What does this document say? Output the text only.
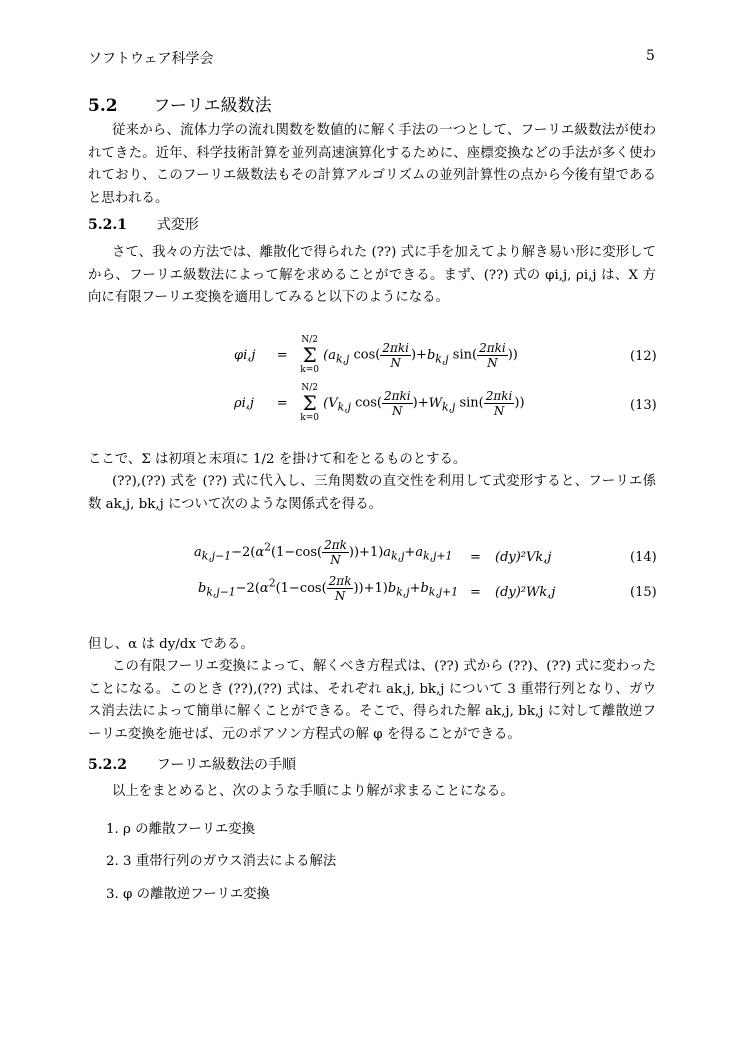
ソフトウェア科学会	5
5.2 フーリエ級数法
従来から、流体力学の流れ関数を数値的に解く手法の一つとして、フーリエ級数法が使われてきた。近年、科学技術計算を並列高速演算化するために、座標変換などの手法が多く使われており、このフーリエ級数法もその計算アルゴリズムの並列計算性の点から今後有望であると思われる。
5.2.1 式変形
さて、我々の方法では、離散化で得られた (??) 式に手を加えてより解き易い形に変形してから、フーリエ級数法によって解を求めることができる。まず、(??) 式の φi,j, ρi,j は、X 方向に有限フーリエ変換を適用してみると以下のようになる。
φi,j = N/2
Σ
k=0 ($a_{k,j}$ $\cos( \frac{\text{2πki}}{N} )+b_{k,j}$ $\sin( \frac{\text{2πki}}{N}$ ))	(12)
ρi,j = N/2
Σ
k=0 ($V_{k,j}$ $\cos( \frac{\text{2πki}}{N} )+W_{k,j}$ $\sin( \frac{\text{2πki}}{N}$ ))	(13)
ここで、Σ は初項と末項に 1/2 を掛けて和をとるものとする。
(??),(??) 式を (??) 式に代入し、三角関数の直交性を利用して式変形すると、フーリエ係数 ak,j, bk,j について次のような関係式を得る。
$a_{k,j-1}-2(\alpha^2(1-\cos( \frac{2\pi k}{N} ))+1)a_{k,j}+a_{k,j+1} = (dy)^2Vk,j$	(14)
$b_{k,j-1}-2(\alpha^2(1-\cos( \frac{2\pi k}{N} ))+1)b_{k,j}+b_{k,j+1} = (dy)^2Wk,j$	(15)
但し、α は dy/dx である。
この有限フーリエ変換によって、解くべき方程式は、(??) 式から (??)、(??) 式に変わったことになる。このとき (??),(??) 式は、それぞれ ak,j, bk,j について 3 重帯行列となり、ガウス消去法によって簡単に解くことができる。そこで、得られた解 ak,j, bk,j に対して離散逆フーリエ変換を施せば、元のポアソン方程式の解 φ を得ることができる。
5.2.2 フーリエ級数法の手順
以上をまとめると、次のような手順により解が求まることになる。
1. ρ の離散フーリエ変換
2. 3 重帯行列のガウス消去による解法
3. φ の離散逆フーリエ変換
